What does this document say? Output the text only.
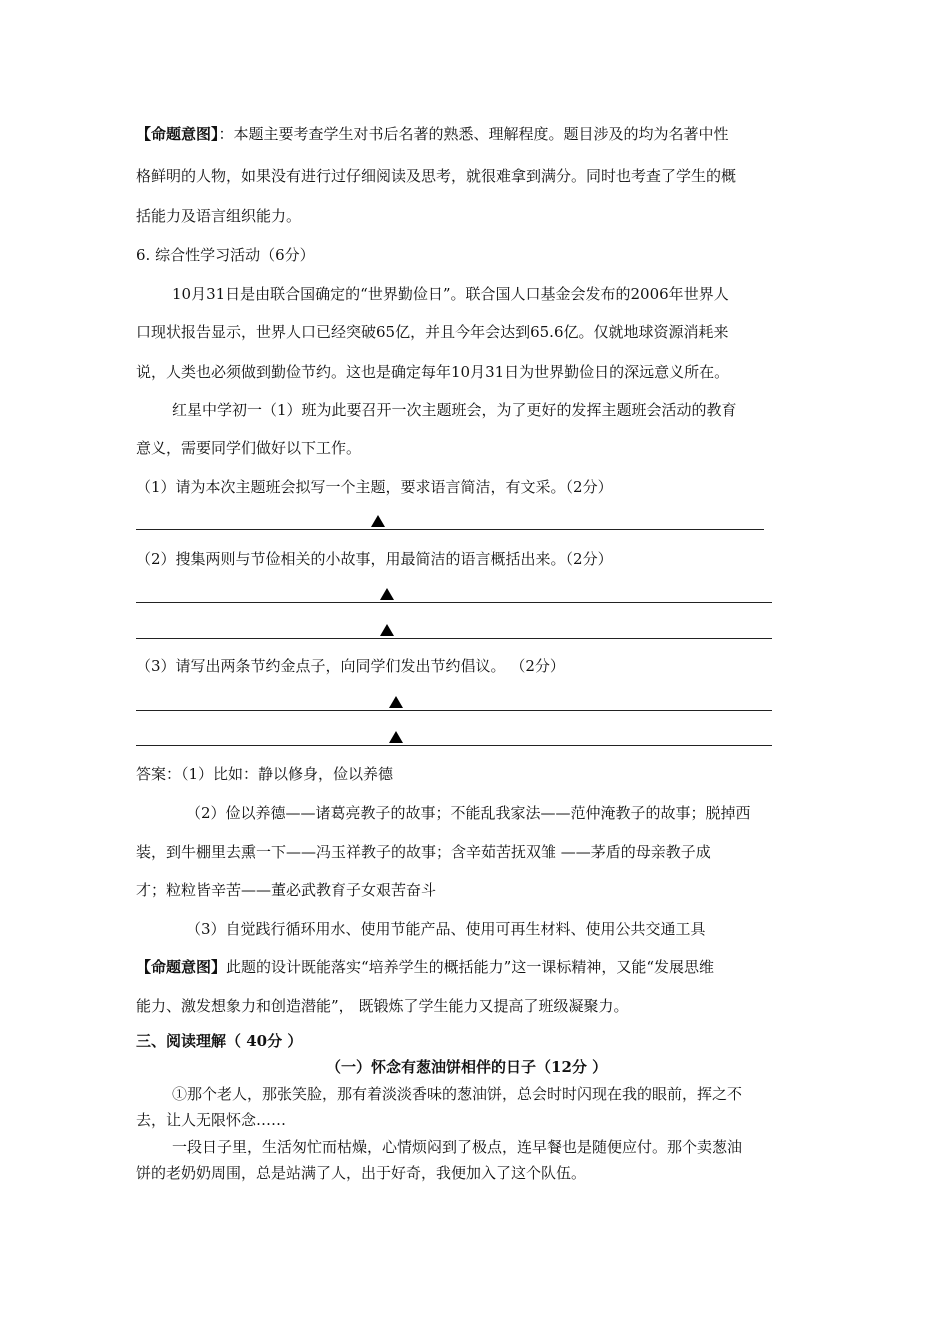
【命题意图】：本题主要考查学生对书后名著的熟悉、理解程度。题目涉及的均为名著中性
格鲜明的人物，如果没有进行过仔细阅读及思考，就很难拿到满分。同时也考查了学生的概
括能力及语言组织能力。
6. 综合性学习活动（6分）
10月31日是由联合国确定的“世界勤俭日”。联合国人口基金会发布的2006年世界人
口现状报告显示，世界人口已经突破65亿，并且今年会达到65.6亿。仅就地球资源消耗来
说，人类也必须做到勤俭节约。这也是确定每年10月31日为世界勤俭日的深远意义所在。
红星中学初一（1）班为此要召开一次主题班会，为了更好的发挥主题班会活动的教育
意义，需要同学们做好以下工作。
（1）请为本次主题班会拟写一个主题，要求语言简洁，有文采。（2分）
（2）搜集两则与节俭相关的小故事，用最简洁的语言概括出来。（2分）
（3）请写出两条节约金点子，向同学们发出节约倡议。 （2分）
答案：（1）比如：静以修身，俭以养德
（2）俭以养德——诸葛亮教子的故事；不能乱我家法——范仲淹教子的故事；脱掉西
装，到牛棚里去熏一下——冯玉祥教子的故事；含辛茹苦抚双雏 ——茅盾的母亲教子成
才；粒粒皆辛苦——董必武教育子女艰苦奋斗
（3）自觉践行循环用水、使用节能产品、使用可再生材料、使用公共交通工具
【命题意图】此题的设计既能落实“培养学生的概括能力”这一课标精神，又能“发展思维
能力、激发想象力和创造潜能”， 既锻炼了学生能力又提高了班级凝聚力。
三、阅读理解（ 40分 ）
（一）怀念有葱油饼相伴的日子（12分 ）
①那个老人，那张笑脸，那有着淡淡香味的葱油饼，总会时时闪现在我的眼前，挥之不
去，让人无限怀念……
一段日子里，生活匆忙而枯燥，心情烦闷到了极点，连早餐也是随便应付。那个卖葱油
饼的老奶奶周围，总是站满了人，出于好奇，我便加入了这个队伍。
